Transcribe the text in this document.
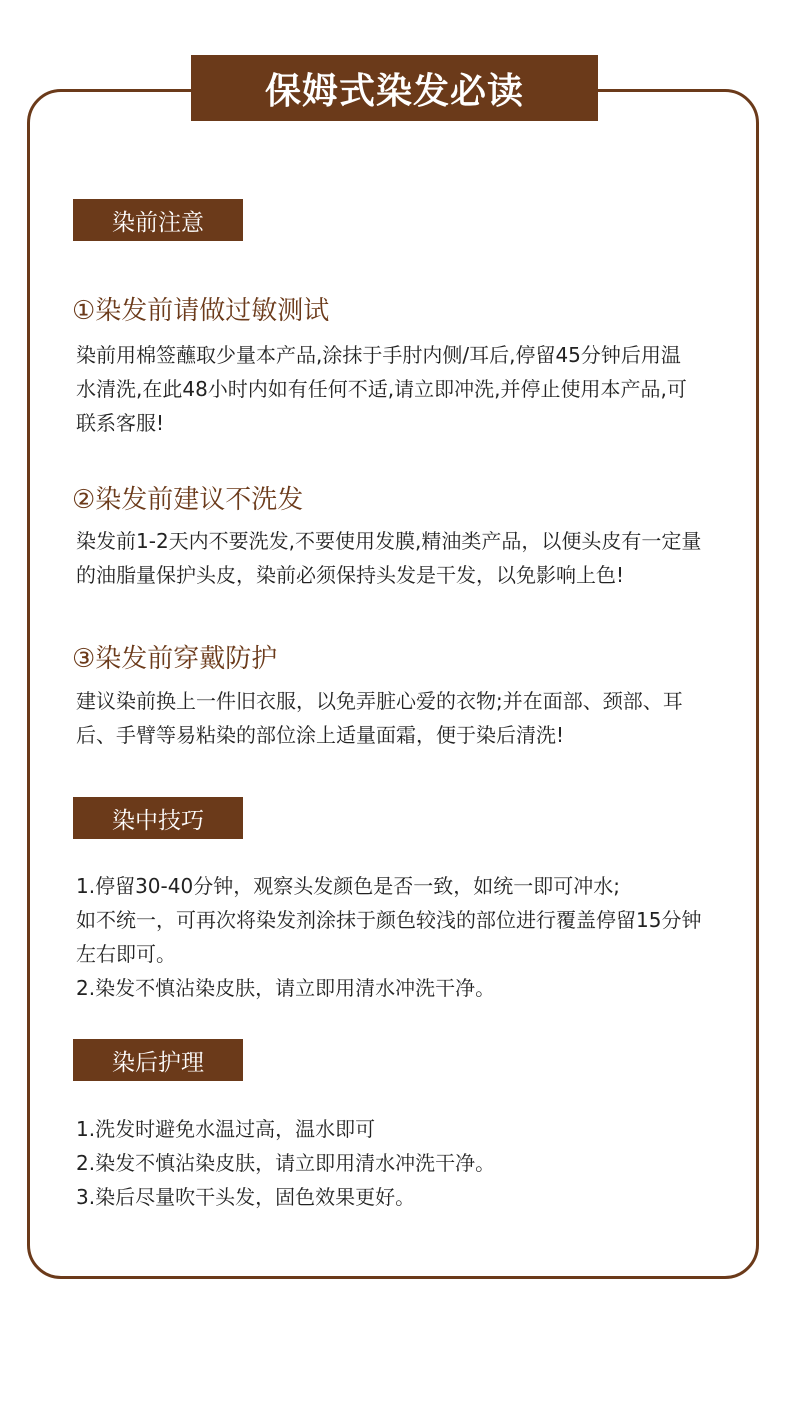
保姆式染发必读
染前注意
①染发前请做过敏测试
染前用棉签蘸取少量本产品,涂抹于手肘内侧/耳后,停留45分钟后用温
水清洗,在此48小时内如有任何不适,请立即冲洗,并停止使用本产品,可
联系客服!
②染发前建议不洗发
染发前1-2天内不要洗发,不要使用发膜,精油类产品，以便头皮有一定量
的油脂量保护头皮，染前必须保持头发是干发，以免影响上色!
③染发前穿戴防护
建议染前换上一件旧衣服，以免弄脏心爱的衣物;并在面部、颈部、耳
后、手臂等易粘染的部位涂上适量面霜，便于染后清洗!
染中技巧
1.停留30-40分钟，观察头发颜色是否一致，如统一即可冲水;
如不统一，可再次将染发剂涂抹于颜色较浅的部位进行覆盖停留15分钟
左右即可。
2.染发不慎沾染皮肤，请立即用清水冲洗干净。
染后护理
1.洗发时避免水温过高，温水即可
2.染发不慎沾染皮肤，请立即用清水冲洗干净。
3.染后尽量吹干头发，固色效果更好。
